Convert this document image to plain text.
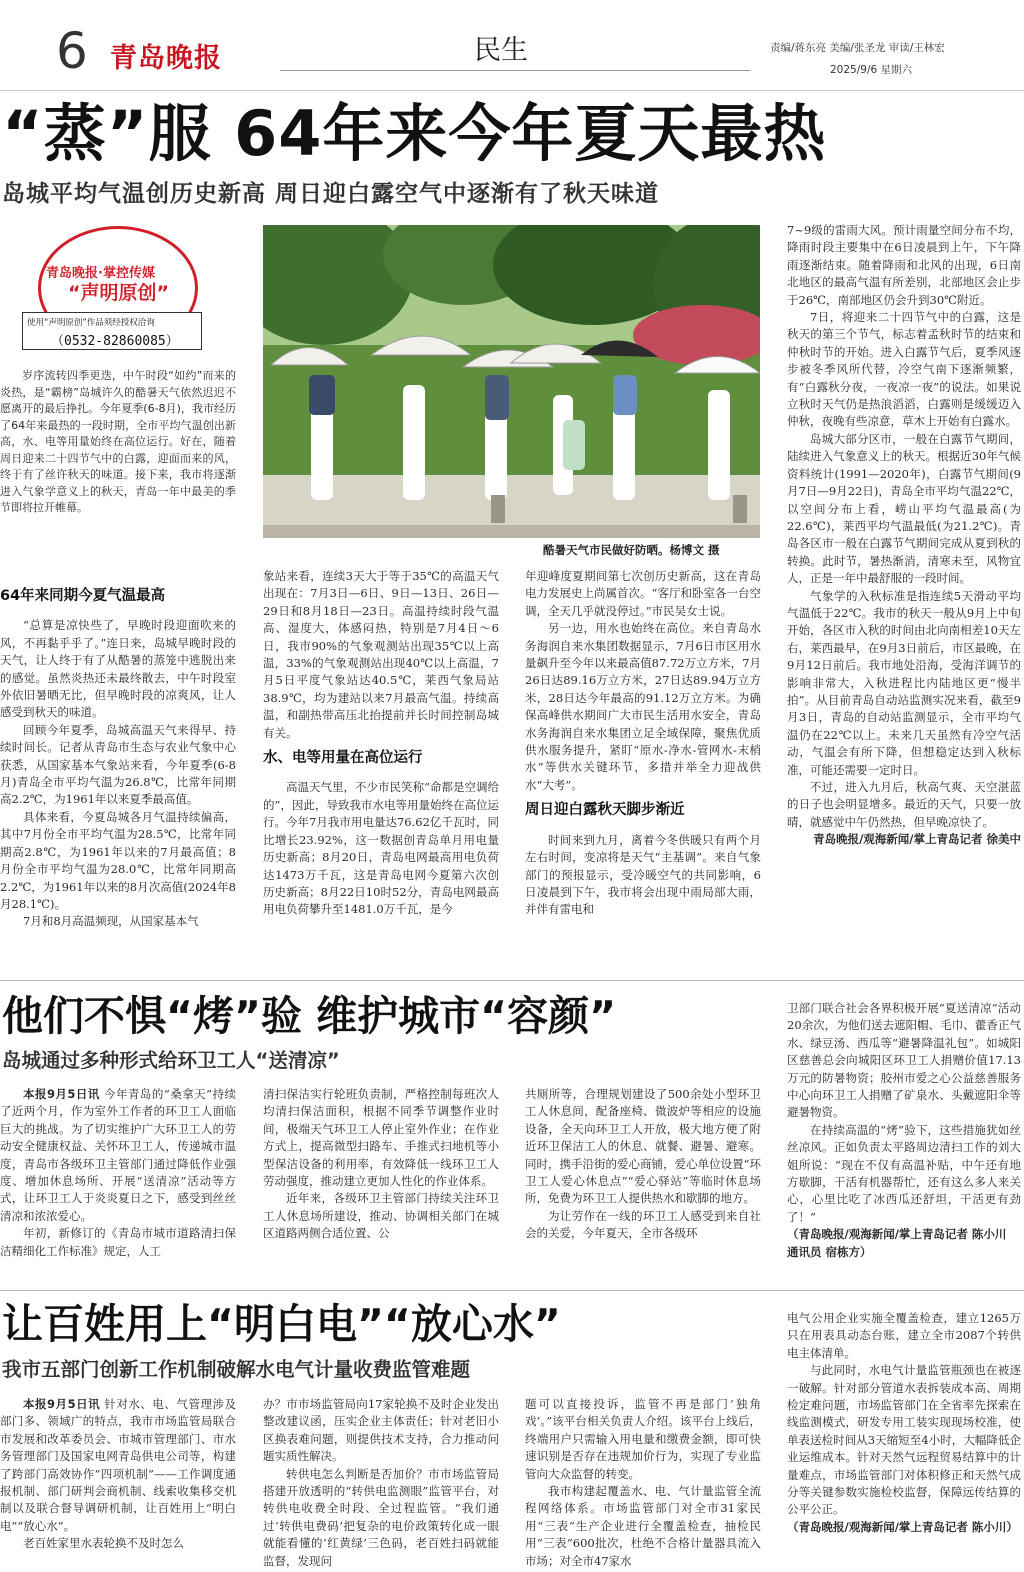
6 青岛晚报	民生	责编/蒋东亮 美编/张圣龙 审读/王林宏
2025/9/6 星期六
“蒸”服 64年来今年夏天最热
岛城平均气温创历史新高 周日迎白露空气中逐渐有了秋天味道
青岛晚报·掌控传媒
“声明原创”
使用“声明原创”作品须经授权洽询
（0532-82860085）

岁序流转四季更迭，中午时段“如约”而来的炎热，是“霸榜”岛城许久的酷暑天气依然迟迟不愿离开的最后挣扎。今年夏季(6-8月)，我市经历了64年来最热的一段时期，全市平均气温创出新高，水、电等用量始终在高位运行。好在，随着周日迎来二十四节气中的白露，迎面而来的风，终于有了丝许秋天的味道。接下来，我市将逐渐进入气象学意义上的秋天，青岛一年中最美的季节即将拉开帷幕。

64年来同期今夏气温最高

“总算是凉快些了，早晚时段迎面吹来的风，不再黏乎乎了。”连日来，岛城早晚时段的天气，让人终于有了从酷暑的蒸笼中逃脱出来的感觉。虽然炎热还未最终散去，中午时段室外依旧暑晒无比，但早晚时段的凉爽风，让人感受到秋天的味道。

回顾今年夏季，岛城高温天气来得早、持续时间长。记者从青岛市生态与农业气象中心获悉，从国家基本气象站来看，今年夏季(6-8月)青岛全市平均气温为26.8℃，比常年同期高2.2℃，为1961年以来夏季最高值。

具体来看，今夏岛城各月气温持续偏高，其中7月份全市平均气温为28.5℃，比常年同期高2.8℃，为1961年以来的7月最高值；8月份全市平均气温为28.0℃，比常年同期高2.2℃，为1961年以来的8月次高值(2024年8月28.1℃)。

7月和8月高温频现，从国家基本气

酷暑天气市民做好防晒。杨博文 摄

象站来看，连续3天大于等于35℃的高温天气出现在：7月3日—6日、9日—13日、26日—29日和8月18日—23日。高温持续时段气温高、湿度大，体感闷热，特别是7月4日～6日，我市90%的气象观测站出现35℃以上高温，33%的气象观测站出现40℃以上高温，7月5日平度气象站达40.5℃，莱西气象局站38.9℃，均为建站以来7月最高气温。持续高温，和副热带高压北抬提前并长时间控制岛城有关。

水、电等用量在高位运行

高温天气里，不少市民笑称“命都是空调给的”，因此，导致我市水电等用量始终在高位运行。今年7月我市用电量达76.62亿千瓦时，同比增长23.92%，这一数据创青岛单月用电量历史新高；8月20日，青岛电网最高用电负荷达1473万千瓦，这是青岛电网今夏第六次创历史新高；8月22日10时52分，青岛电网最高用电负荷攀升至1481.0万千瓦，是今

年迎峰度夏期间第七次创历史新高，这在青岛电力发展史上尚属首次。“客厅和卧室各一台空调，全天几乎就没停过。”市民吴女士说。

另一边，用水也始终在高位。来自青岛水务海润自来水集团数据显示，7月6日市区用水量飙升至今年以来最高值87.72万立方米，7月26日达89.16万立方米，27日达89.94万立方米，28日达今年最高的91.12万立方米。为确保高峰供水期间广大市民生活用水安全，青岛水务海润自来水集团立足全域保障，聚焦优质供水服务提升，紧盯“原水-净水-管网水-末梢水”等供水关键环节，多措并举全力迎战供水“大考”。

周日迎白露秋天脚步渐近

时间来到九月，离着今冬供暖只有两个月左右时间，变凉将是天气“主基调”。来自气象部门的预报显示，受冷暖空气的共同影响，6日凌晨到下午，我市将会出现中雨局部大雨，并伴有雷电和

7~9级的雷雨大风。预计雨量空间分布不均，降雨时段主要集中在6日凌晨到上午，下午降雨逐渐结束。随着降雨和北风的出现，6日南北地区的最高气温有所差别，北部地区会止步于26℃，南部地区仍会升到30℃附近。

7日，将迎来二十四节气中的白露，这是秋天的第三个节气，标志着孟秋时节的结束和仲秋时节的开始。进入白露节气后，夏季风逐步被冬季风所代替，冷空气南下逐渐频繁，有“白露秋分夜，一夜凉一夜”的说法。如果说立秋时天气仍是热浪滔滔，白露则是缓缓迈入仲秋，夜晚有些凉意，草木上开始有白露水。

岛城大部分区市，一般在白露节气期间，陆续进入气象意义上的秋天。根据近30年气候资料统计(1991—2020年)，白露节气期间(9月7日—9月22日)，青岛全市平均气温22℃，以空间分布上看，崂山平均气温最高(为22.6℃)，莱西平均气温最低(为21.2℃)。青岛各区市一般在白露节气期间完成从夏到秋的转换。此时节，暑热渐消，清寒未至，风物宜人，正是一年中最舒服的一段时间。

气象学的入秋标准是指连续5天滑动平均气温低于22℃。我市的秋天一般从9月上中旬开始，各区市入秋的时间由北向南相差10天左右，莱西最早，在9月3日前后，市区最晚，在9月12日前后。我市地处沿海，受海洋调节的影响非常大，入秋进程比内陆地区更“慢半拍”。从目前青岛自动站监测实况来看，截至9月3日，青岛的自动站监测显示，全市平均气温仍在22℃以上。未来几天虽然有冷空气活动，气温会有所下降，但想稳定达到入秋标准，可能还需要一定时日。

不过，进入九月后，秋高气爽、天空湛蓝的日子也会明显增多。最近的天气，只要一放晴，就感觉中午仍然热，但早晚凉快了。

青岛晚报/观海新闻/掌上青岛记者 徐美中

他们不惧“烤”验 维护城市“容颜”
岛城通过多种形式给环卫工人“送清凉”

本报9月5日讯 今年青岛的“桑拿天”持续了近两个月，作为室外工作者的环卫工人面临巨大的挑战。为了切实维护广大环卫工人的劳动安全健康权益、关怀环卫工人，传递城市温度，青岛市各级环卫主管部门通过降低作业强度、增加休息场所、开展“送清凉”活动等方式，让环卫工人于炎炎夏日之下，感受到丝丝清凉和浓浓爱心。

年初，新修订的《青岛市城市道路清扫保洁精细化工作标准》规定，人工

清扫保洁实行轮班负责制，严格控制每班次人均清扫保洁面积，根据不同季节调整作业时间，极端天气环卫工人停止室外作业；在作业方式上，提高微型扫路车、手推式扫地机等小型保洁设备的利用率，有效降低一线环卫工人劳动强度，推动建立更加人性化的作业体系。

近年来，各级环卫主管部门持续关注环卫工人休息场所建设，推动、协调相关部门在城区道路两侧合适位置、公

共厕所等，合理规划建设了500余处小型环卫工人休息间，配备座椅、微波炉等相应的设施设备，全天向环卫工人开放，极大地方便了附近环卫保洁工人的休息、就餐、避暑、避寒。同时，携手沿街的爱心商铺，爱心单位设置“环卫工人爱心休息点”“爱心驿站”等临时休息场所，免费为环卫工人提供热水和歇脚的地方。

为让劳作在一线的环卫工人感受到来自社会的关爱，今年夏天，全市各级环

卫部门联合社会各界积极开展“夏送清凉”活动20余次，为他们送去遮阳帽、毛巾、藿香正气水、绿豆汤、西瓜等“避暑降温礼包”。如城阳区慈善总会向城阳区环卫工人捐赠价值17.13万元的防暑物资；胶州市爱之心公益慈善服务中心向环卫工人捐赠了矿泉水、头戴遮阳伞等避暑物资。

在持续高温的“烤”验下，这些措施犹如丝丝凉风。正如负责太平路周边清扫工作的刘大姐所说：“现在不仅有高温补贴，中午还有地方歇脚，干活有机器帮忙，还有这么多人来关心，心里比吃了冰西瓜还舒坦，干活更有劲了！”

（青岛晚报/观海新闻/掌上青岛记者 陈小川 通讯员 宿栋方）

让百姓用上“明白电”“放心水”
我市五部门创新工作机制破解水电气计量收费监管难题

本报9月5日讯 针对水、电、气管理涉及部门多、领域广的特点，我市市场监管局联合市发展和改革委员会、市城市管理部门、市水务管理部门及国家电网青岛供电公司等，构建了跨部门高效协作“四项机制”——工作调度通报机制、部门研判会商机制、线索收集移交机制以及联合督导调研机制，让百姓用上“明白电”“放心水”。

老百姓家里水表轮换不及时怎么

办？市市场监管局向17家轮换不及时企业发出整改建议函，压实企业主体责任；针对老旧小区换表难问题，则提供技术支持，合力推动问题实质性解决。

转供电怎么判断是否加价？市市场监管局搭建开放透明的“转供电监测眼”监管平台，对转供电收费全时段、全过程监管。“我们通过‘转供电费码’把复杂的电价政策转化成一眼就能看懂的‘红黄绿’三色码，老百姓扫码就能监督，发现问

题可以直接投诉，监管不再是部门‘独角戏’。”该平台相关负责人介绍。该平台上线后，终端用户只需输入用电量和缴费金额，即可快速识别是否存在违规加价行为，实现了专业监管向大众监督的转变。

我市构建起覆盖水、电、气计量监管全流程网络体系。市场监管部门对全市31家民用“三表”生产企业进行全覆盖检查，抽检民用“三表”600批次，杜绝不合格计量器具流入市场；对全市47家水

电气公用企业实施全覆盖检查，建立1265万只在用表具动态台账，建立全市2087个转供电主体清单。

与此同时，水电气计量监管瓶颈也在被逐一破解。针对部分管道水表拆装成本高、周期检定难问题，市场监管部门在全省率先探索在线监测模式，研发专用工装实现现场校准，使单表送检时间从3天缩短至4小时，大幅降低企业运维成本。针对天然气远程贸易结算中的计量难点，市场监管部门对体积修正和天然气成分等关键参数实施检校监督，保障远传结算的公平公正。

（青岛晚报/观海新闻/掌上青岛记者 陈小川）
